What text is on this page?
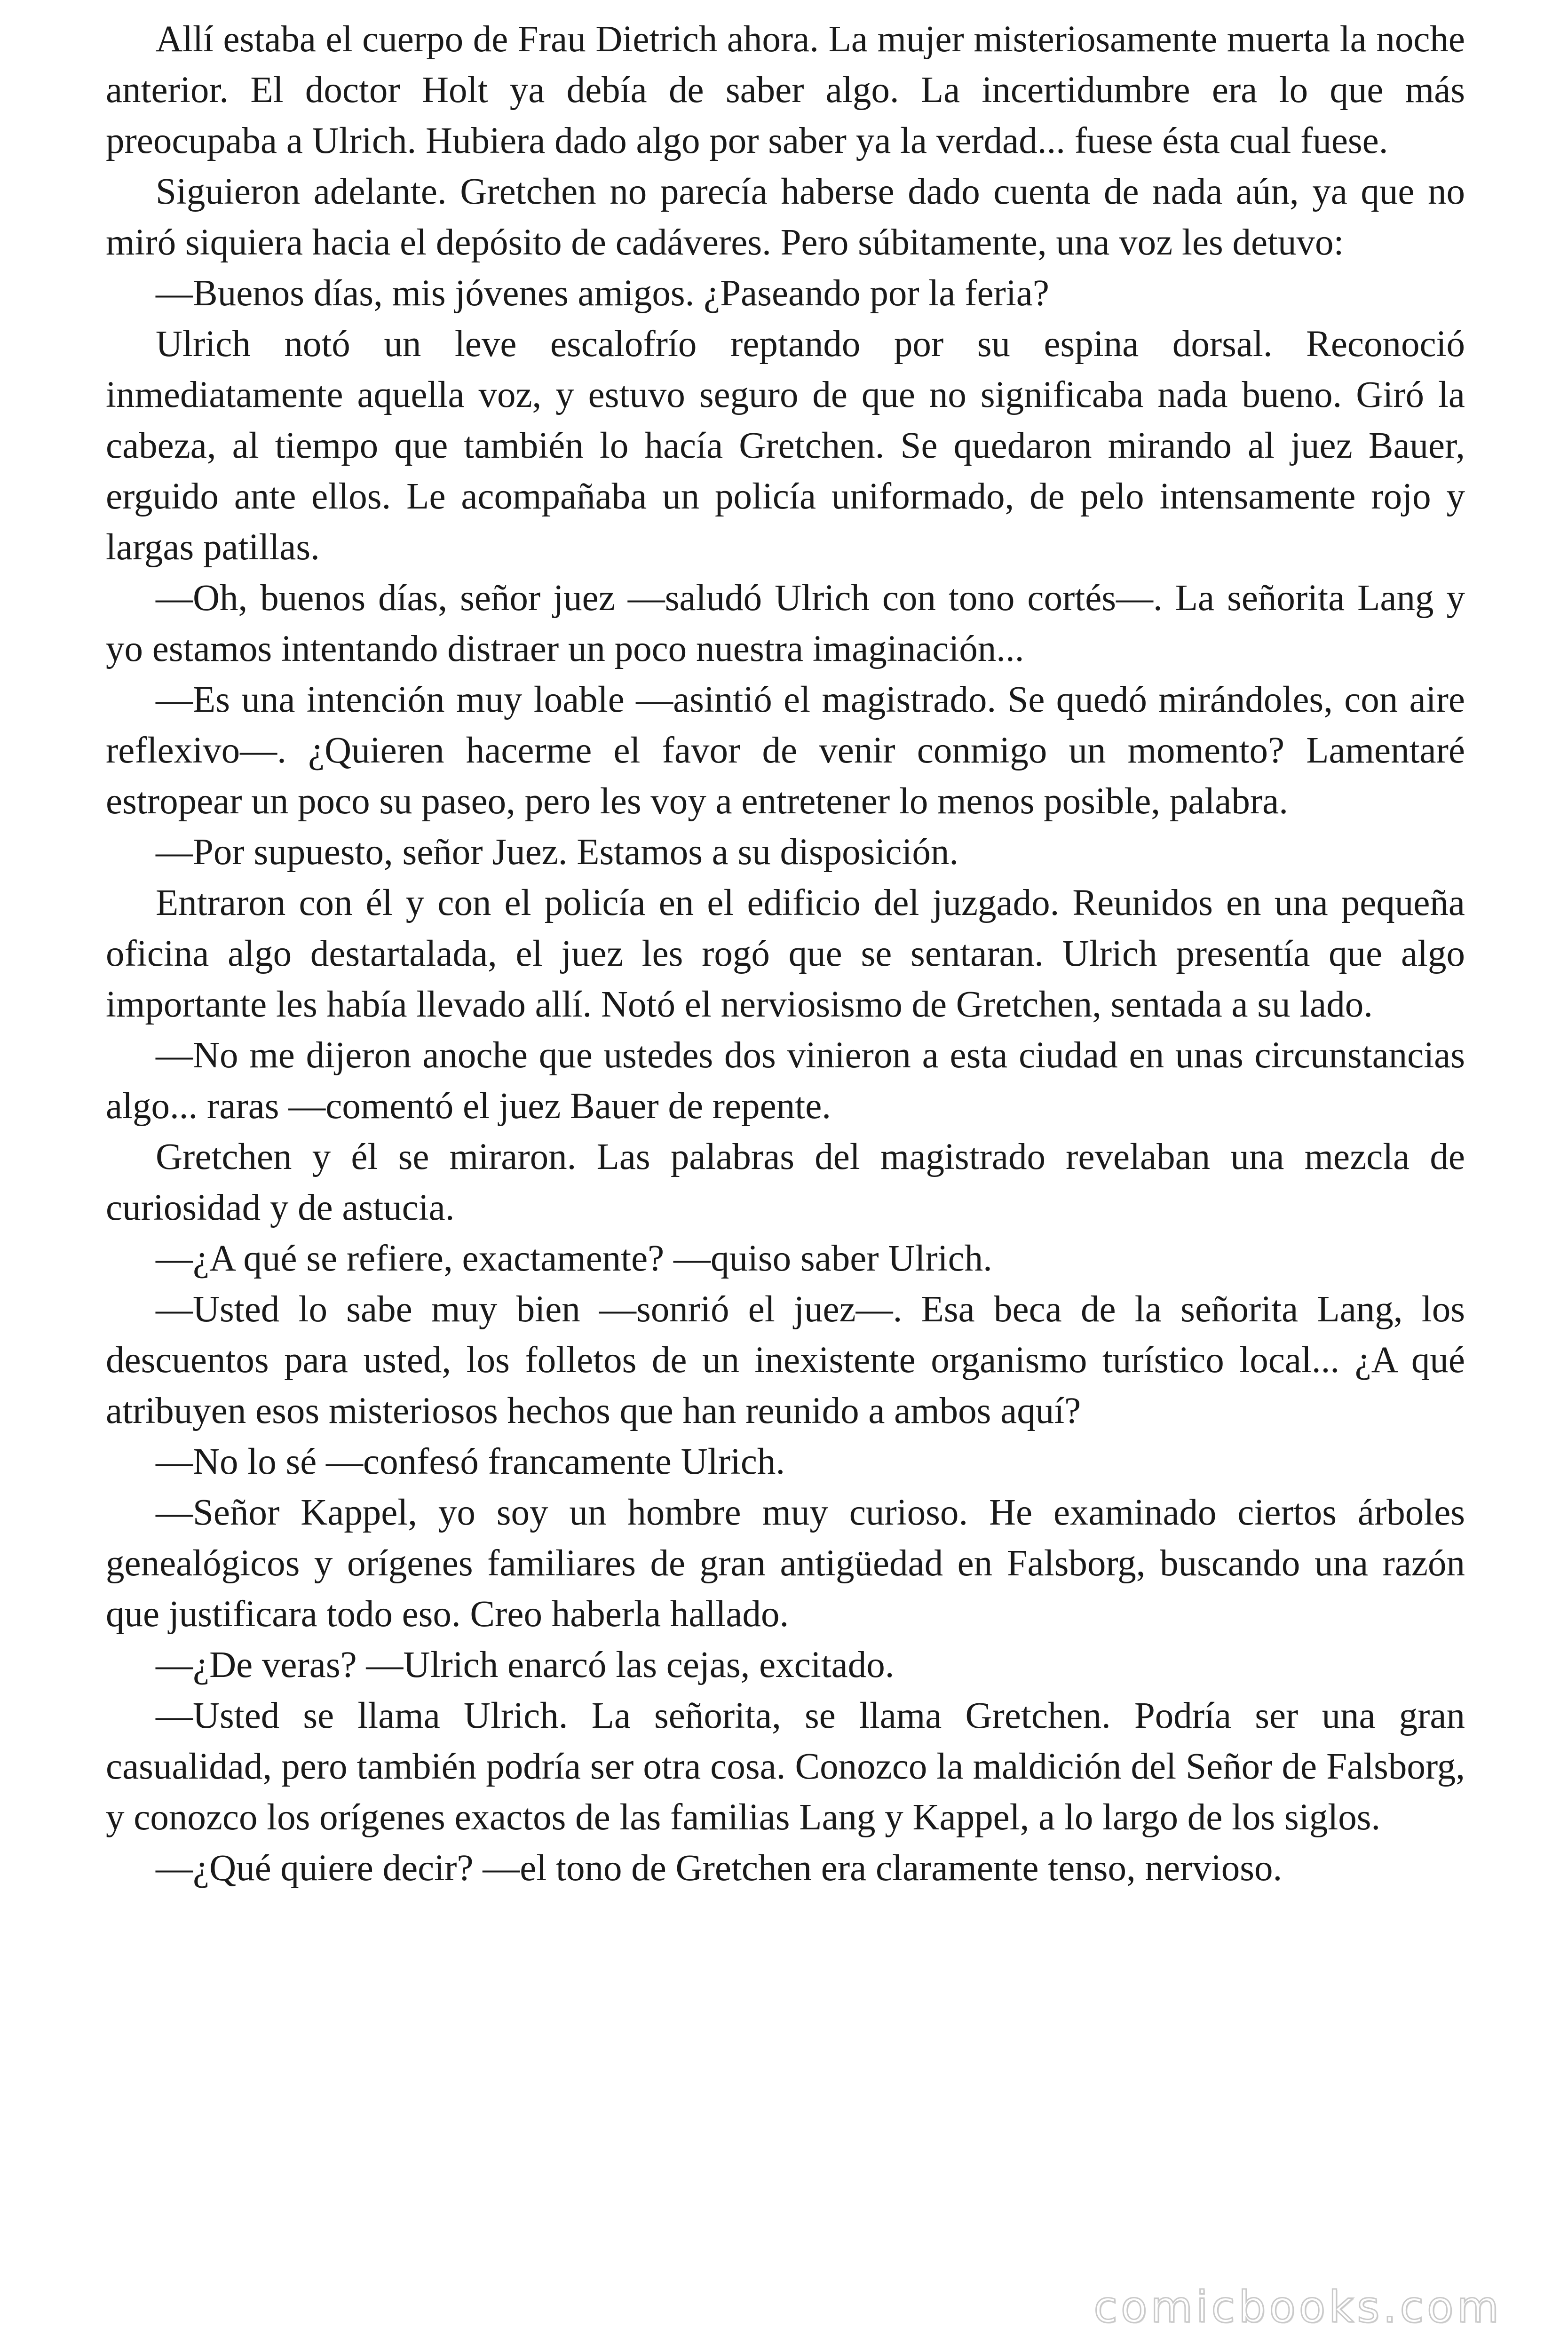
Allí estaba el cuerpo de Frau Dietrich ahora. La mujer misteriosamente muerta la noche anterior. El doctor Holt ya debía de saber algo. La incertidumbre era lo que más preocupaba a Ulrich. Hubiera dado algo por saber ya la verdad... fuese ésta cual fuese.

Siguieron adelante. Gretchen no parecía haberse dado cuenta de nada aún, ya que no miró siquiera hacia el depósito de cadáveres. Pero súbitamente, una voz les detuvo:

—Buenos días, mis jóvenes amigos. ¿Paseando por la feria?

Ulrich notó un leve escalofrío reptando por su espina dorsal. Reconoció inmediatamente aquella voz, y estuvo seguro de que no significaba nada bueno. Giró la cabeza, al tiempo que también lo hacía Gretchen. Se quedaron mirando al juez Bauer, erguido ante ellos. Le acompañaba un policía uniformado, de pelo intensamente rojo y largas patillas.

—Oh, buenos días, señor juez —saludó Ulrich con tono cortés—. La señorita Lang y yo estamos intentando distraer un poco nuestra imaginación...

—Es una intención muy loable —asintió el magistrado. Se quedó mirándoles, con aire reflexivo—. ¿Quieren hacerme el favor de venir conmigo un momento? Lamentaré estropear un poco su paseo, pero les voy a entretener lo menos posible, palabra.

—Por supuesto, señor Juez. Estamos a su disposición.

Entraron con él y con el policía en el edificio del juzgado. Reunidos en una pequeña oficina algo destartalada, el juez les rogó que se sentaran. Ulrich presentía que algo importante les había llevado allí. Notó el nerviosismo de Gretchen, sentada a su lado.

—No me dijeron anoche que ustedes dos vinieron a esta ciudad en unas circunstancias algo... raras —comentó el juez Bauer de repente.

Gretchen y él se miraron. Las palabras del magistrado revelaban una mezcla de curiosidad y de astucia.

—¿A qué se refiere, exactamente? —quiso saber Ulrich.

—Usted lo sabe muy bien —sonrió el juez—. Esa beca de la señorita Lang, los descuentos para usted, los folletos de un inexistente organismo turístico local... ¿A qué atribuyen esos misteriosos hechos que han reunido a ambos aquí?

—No lo sé —confesó francamente Ulrich.

—Señor Kappel, yo soy un hombre muy curioso. He examinado ciertos árboles genealógicos y orígenes familiares de gran antigüedad en Falsborg, buscando una razón que justificara todo eso. Creo haberla hallado.

—¿De veras? —Ulrich enarcó las cejas, excitado.

—Usted se llama Ulrich. La señorita, se llama Gretchen. Podría ser una gran casualidad, pero también podría ser otra cosa. Conozco la maldición del Señor de Falsborg, y conozco los orígenes exactos de las familias Lang y Kappel, a lo largo de los siglos.

—¿Qué quiere decir? —el tono de Gretchen era claramente tenso, nervioso.

comicbooks.com
